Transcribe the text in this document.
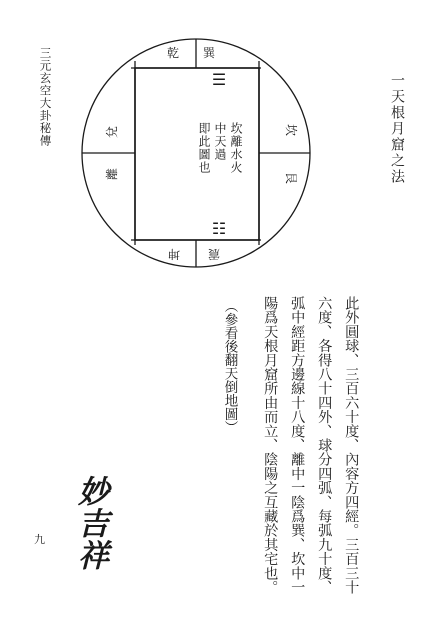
三元玄空大卦秘傳	一天根月窟之法
乾 巽
坎
艮
坤 震
兌
離
☰
☷
坎離水火
中天過
即此圖也
此外圓球、三百六十度、內容方四經。三百三十
六度、各得八十四外、球分四弧、每弧九十度、
弧中經距方邊線十八度、離中一陰爲巽、坎中一
陽爲天根月窟所由而立、陰陽之互藏於其宅也。
（參看後翻天倒地圖）
妙吉祥
九
